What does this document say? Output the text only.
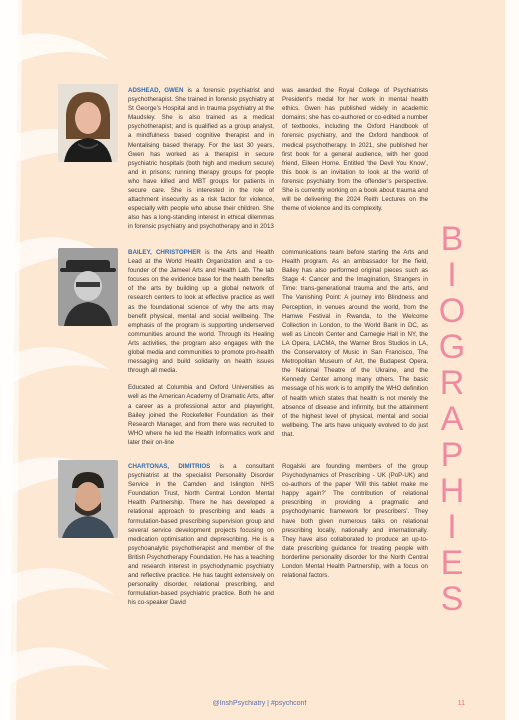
BIOGRAPHIES

ADSHEAD, GWEN is a forensic psychiatrist and psychotherapist. She trained in forensic psychiatry at St George’s Hospital and in trauma psychiatry at the Maudsley. She is also trained as a medical psychotherapist; and is qualified as a group analyst, a mindfulness based cognitive therapist and in Mentalising based therapy. For the last 30 years, Gwen has worked as a therapist in secure psychiatric hospitals (both high and medium secure) and in prisons; running therapy groups for people who have killed and MBT groups for patients in secure care. She is interested in the role of attachment insecurity as a risk factor for violence, especially with people who abuse their children. She also has a long-standing interest in ethical dilemmas in forensic psychiatry and psychotherapy and in 2013

was awarded the Royal College of Psychiatrists President’s medal for her work in mental health ethics. Gwen has published widely in academic domains; she has co-authored or co-edited a number of textbooks, including the Oxford Handbook of forensic psychiatry, and the Oxford handbook of medical psychotherapy. In 2021, she published her first book for a general audience, with her good friend, Eileen Horne. Entitled ‘the Devil You Know’, this book is an invitation to look at the world of forensic psychiatry from the offender’s perspective. She is currently working on a book about trauma and will be delivering the 2024 Reith Lectures on the theme of violence and its complexity.

BAILEY, CHRISTOPHER is the Arts and Health Lead at the World Health Organization and a co-founder of the Jameel Arts and Health Lab. The lab focuses on the evidence base for the health benefits of the arts by building up a global network of research centers to look at effective practice as well as the foundational science of why the arts may benefit physical, mental and social wellbeing. The emphasis of the program is supporting underserved communities around the world. Through its Healing Arts activities, the program also engages with the global media and communities to promote pro-health messaging and build solidarity on health issues through all media.

Educated at Columbia and Oxford Universities as well as the American Academy of Dramatic Arts, after a career as a professional actor and playwright, Bailey joined the Rockefeller Foundation as their Research Manager, and from there was recruited to WHO where he led the Health Informatics work and later their on-line

communications team before starting the Arts and Health program. As an ambassador for the field, Bailey has also performed original pieces such as Stage 4: Cancer and the Imagination, Strangers in Time: trans-generational trauma and the arts, and The Vanishing Point: A journey into Blindness and Perception, in venues around the world, from the Hamwe Festival in Rwanda, to the Welcome Collection in London, to the World Bank in DC, as well as Lincoln Center and Carnegie Hall in NY, the LA Opera, LACMA, the Warner Bros Studios in LA, the Conservatory of Music in San Francisco, The Metropolitan Museum of Art, the Budapest Opera, the National Theatre of the Ukraine, and the Kennedy Center among many others. The basic message of his work is to amplify the WHO definition of health which states that health is not merely the absence of disease and infirmity, but the attainment of the highest level of physical, mental and social wellbeing. The arts have uniquely evolved to do just that.

CHARTONAS, DIMITRIOS is a consultant psychiatrist at the specialist Personality Disorder Service in the Camden and Islington NHS Foundation Trust, North Central London Mental Health Partnership. There he has developed a relational approach to prescribing and leads a formulation-based prescribing supervision group and several service development projects focusing on medication optimisation and deprescribing. He is a psychoanalytic psychotherapist and member of the British Psychotherapy Foundation. He has a teaching and research interest in psychodynamic psychiatry and reflective practice. He has taught extensively on personality disorder, relational prescribing, and formulation-based psychiatric practice. Both he and his co-speaker David

Rogalski are founding members of the group Psychodynamics of Prescribing - UK (PoP-UK) and co-authors of the paper ‘Will this tablet make me happy again?’ The contribution of relational prescribing in providing a pragmatic and psychodynamic framework for prescribers’. They have both given numerous talks on relational prescribing locally, nationally and internationally. They have also collaborated to produce an up-to-date prescribing guidance for treating people with borderline personality disorder for the North Central London Mental Health Partnership, with a focus on relational factors.

@IrishPsychiatry | #psychconf	11
